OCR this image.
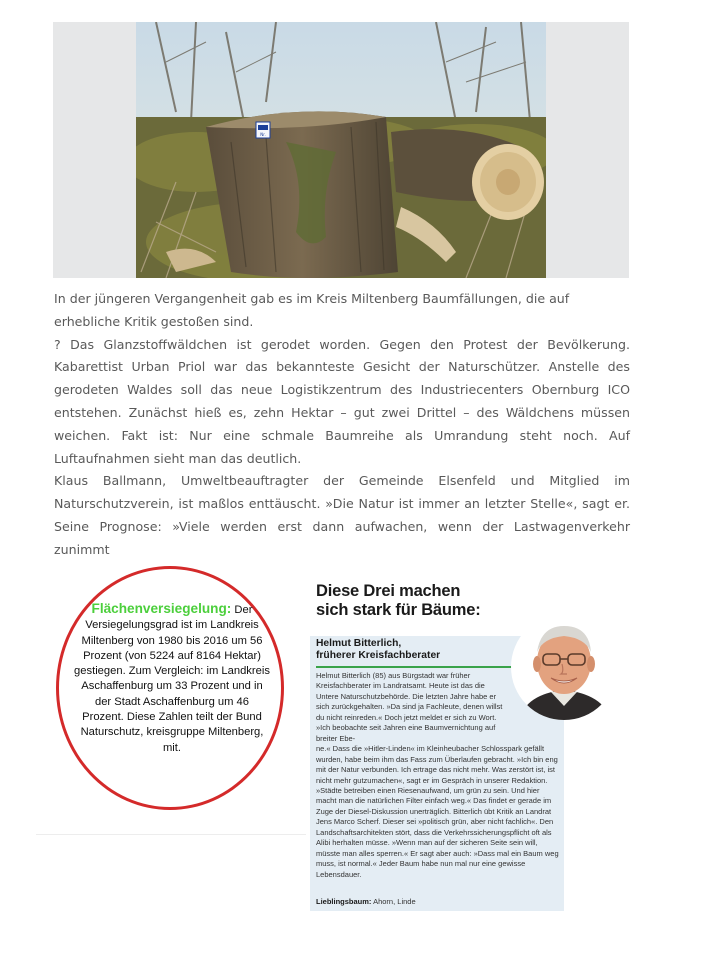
Nr.

In der jüngeren Vergangenheit gab es im Kreis Miltenberg Baumfällungen, die auf erhebliche Kritik gestoßen sind.

? Das Glanzstoffwäldchen ist gerodet worden. Gegen den Protest der Bevölkerung. Kabarettist Urban Priol war das bekannteste Gesicht der Naturschützer. Anstelle des gerodeten Waldes soll das neue Logistikzentrum des Industriecenters Obernburg ICO entstehen. Zunächst hieß es, zehn Hektar – gut zwei Drittel – des Wäldchens müssen weichen. Fakt ist: Nur eine schmale Baumreihe als Umrandung steht noch. Auf Luftaufnahmen sieht man das deutlich.

Klaus Ballmann, Umweltbeauftragter der Gemeinde Elsenfeld und Mitglied im Naturschutzverein, ist maßlos enttäuscht. »Die Natur ist immer an letzter Stelle«, sagt er. Seine Prognose: »Viele werden erst dann aufwachen, wenn der Lastwagenverkehr zunimmt

Flächenversiegelung: Der Versiegelungsgrad ist im Landkreis Miltenberg von 1980 bis 2016 um 56 Prozent (von 5224 auf 8164 Hektar) gestiegen. Zum Vergleich: im Landkreis Aschaffenburg um 33 Prozent und in der Stadt Aschaffenburg um 46 Prozent. Diese Zahlen teilt der Bund Naturschutz, kreisgruppe Miltenberg, mit.
Diese Drei machen
sich stark für Bäume:
Helmut Bitterlich,
früherer Kreisfachberater
Helmut Bitterlich (85) aus Bürgstadt war früher Kreisfachberater im Landratsamt. Heute ist das die Untere Naturschutzbehörde. Die letzten Jahre habe er sich zurückgehalten. »Da sind ja Fachleute, denen willst du nicht reinreden.« Doch jetzt meldet er sich zu Wort. »Ich beobachte seit Jahren eine Baumvernichtung auf breiter Ebe-

ne.« Dass die »Hitler-Linden« im Kleinheubacher Schlosspark gefällt wurden, habe beim ihm das Fass zum Überlaufen gebracht. »Ich bin eng mit der Natur verbunden. Ich ertrage das nicht mehr. Was zerstört ist, ist nicht mehr gutzumachen«, sagt er im Gespräch in unserer Redaktion. »Städte betreiben einen Riesenaufwand, um grün zu sein. Und hier macht man die natürlichen Filter einfach weg.« Das findet er gerade im Zuge der Diesel-Diskussion unerträglich. Bitterlich übt Kritik an Landrat Jens Marco Scherf. Dieser sei »politisch grün, aber nicht fachlich«. Den Landschaftsarchitekten stört, dass die Verkehrssicherungspflicht oft als Alibi herhalten müsse. »Wenn man auf der sicheren Seite sein will, müsste man alles sperren.« Er sagt aber auch: »Dass mal ein Baum weg muss, ist normal.« Jeder Baum habe nun mal nur eine gewisse Lebensdauer.

Lieblingsbaum: Ahorn, Linde
